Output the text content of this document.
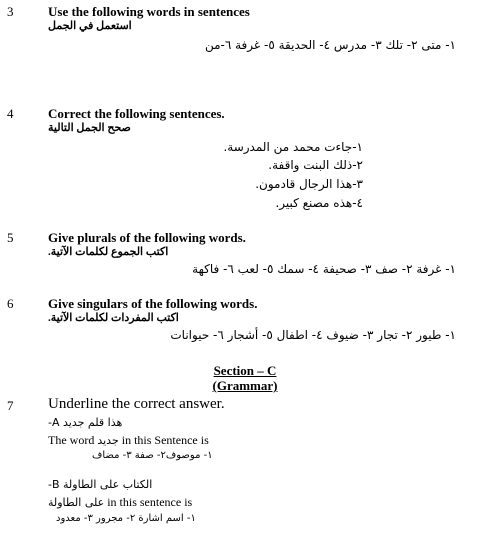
3	Use the following words in sentences
استعمل في الجمل
١- متى ٢- تلك ٣- مدرس ٤- الحديقة ٥- غرفة ٦-من
4	Correct the following sentences.
صحح الجمل التالية
١-جاءت محمد من المدرسة.
٢-ذلك البنت واقفة.
٣-هذا الرجال قادمون.
٤-هذه مصنع كبير.
5	Give plurals of the following words.
اكتب الجموع لكلمات الآتية.
١- غرفة ٢- صف ٣- صحيفة ٤- سمك ٥- لعب ٦- فاكهة
6	Give singulars of the following words.
اكتب المفردات لكلمات الآتية.
١- طيور ٢- تجار ٣- ضيوف ٤- اطفال ٥- أشجار ٦- حيوانات
Section – C
(Grammar)
7 Underline the correct answer.
هذا قلم جديد A-
The word جديد in this Sentence is
١- موصوف٢- صفة ٣- مضاف
الكتاب على الطاولة B-
على الطاولة in this sentence is
١- اسم اشارة ٢- مجرور ٣- معدود
